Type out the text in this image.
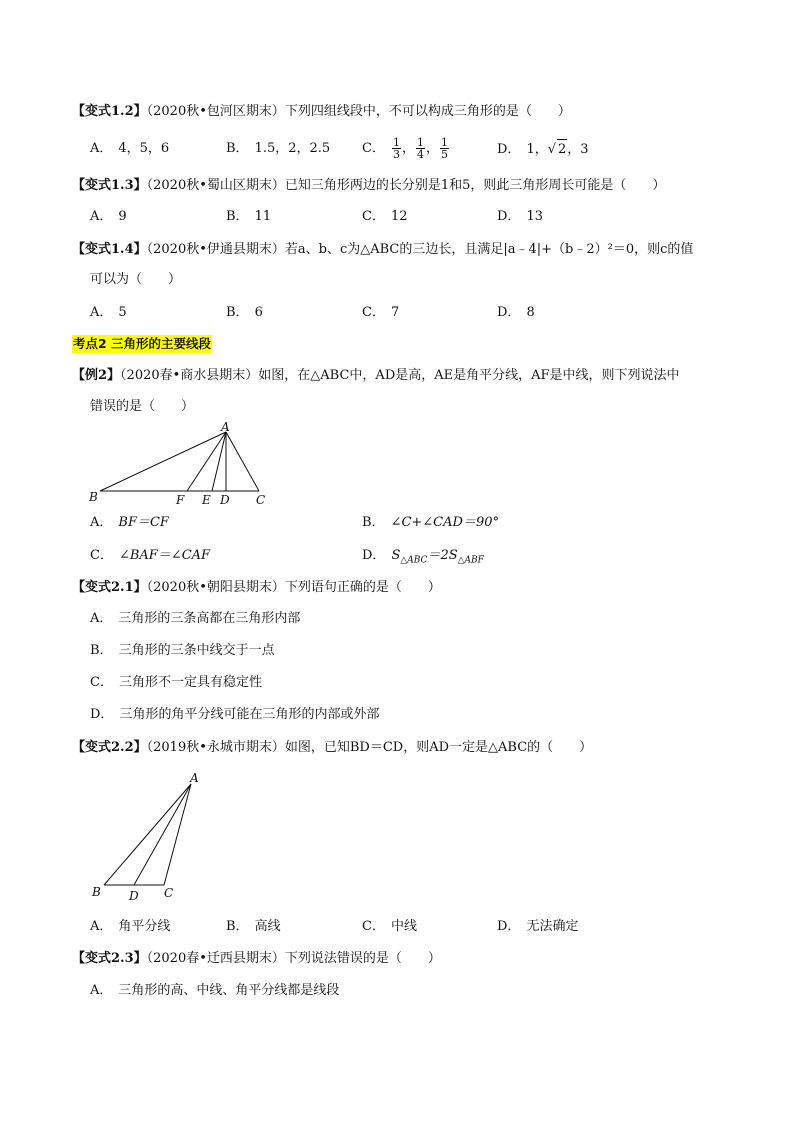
【变式1.2】（2020秋•包河区期末）下列四组线段中，不可以构成三角形的是（　　）
A． 4，5，6	B． 1.5，2，2.5 C． $\frac{1}{3}$ ， $\frac{1}{4}$ ， $\frac{1}{5}$	D． 1，√ 2，3
【变式1.3】（2020秋•蜀山区期末）已知三角形两边的长分别是1和5，则此三角形周长可能是（　　）
A． 9	B． 11	C． 12	D． 13
【变式1.4】（2020秋•伊通县期末）若a、b、c为△ABC的三边长，且满足|a﹣4|+（b﹣2）²＝0，则c的值
可以为（　　）
A． 5	B． 6	C． 7	D． 8
考点2 三角形的主要线段
【例2】（2020春•商水县期末）如图，在△ABC中，AD是高，AE是角平分线，AF是中线，则下列说法中
错误的是（　　）
A
B	F E D C
A． BF＝CF	B． ∠C+∠CAD＝90°
C． ∠BAF＝∠CAF	D． $S_{\triangle ABC}=2S_{\triangle ABF}$
【变式2.1】（2020秋•朝阳县期末）下列语句正确的是（　　）
A． 三角形的三条高都在三角形内部
B． 三角形的三条中线交于一点
C． 三角形不一定具有稳定性
D． 三角形的角平分线可能在三角形的内部或外部
【变式2.2】（2019秋•永城市期末）如图，已知BD＝CD，则AD一定是△ABC的（　　）
A
B D C
A． 角平分线	B． 高线	C． 中线	D． 无法确定
【变式2.3】（2020春•迁西县期末）下列说法错误的是（　　）
A． 三角形的高、中线、角平分线都是线段
